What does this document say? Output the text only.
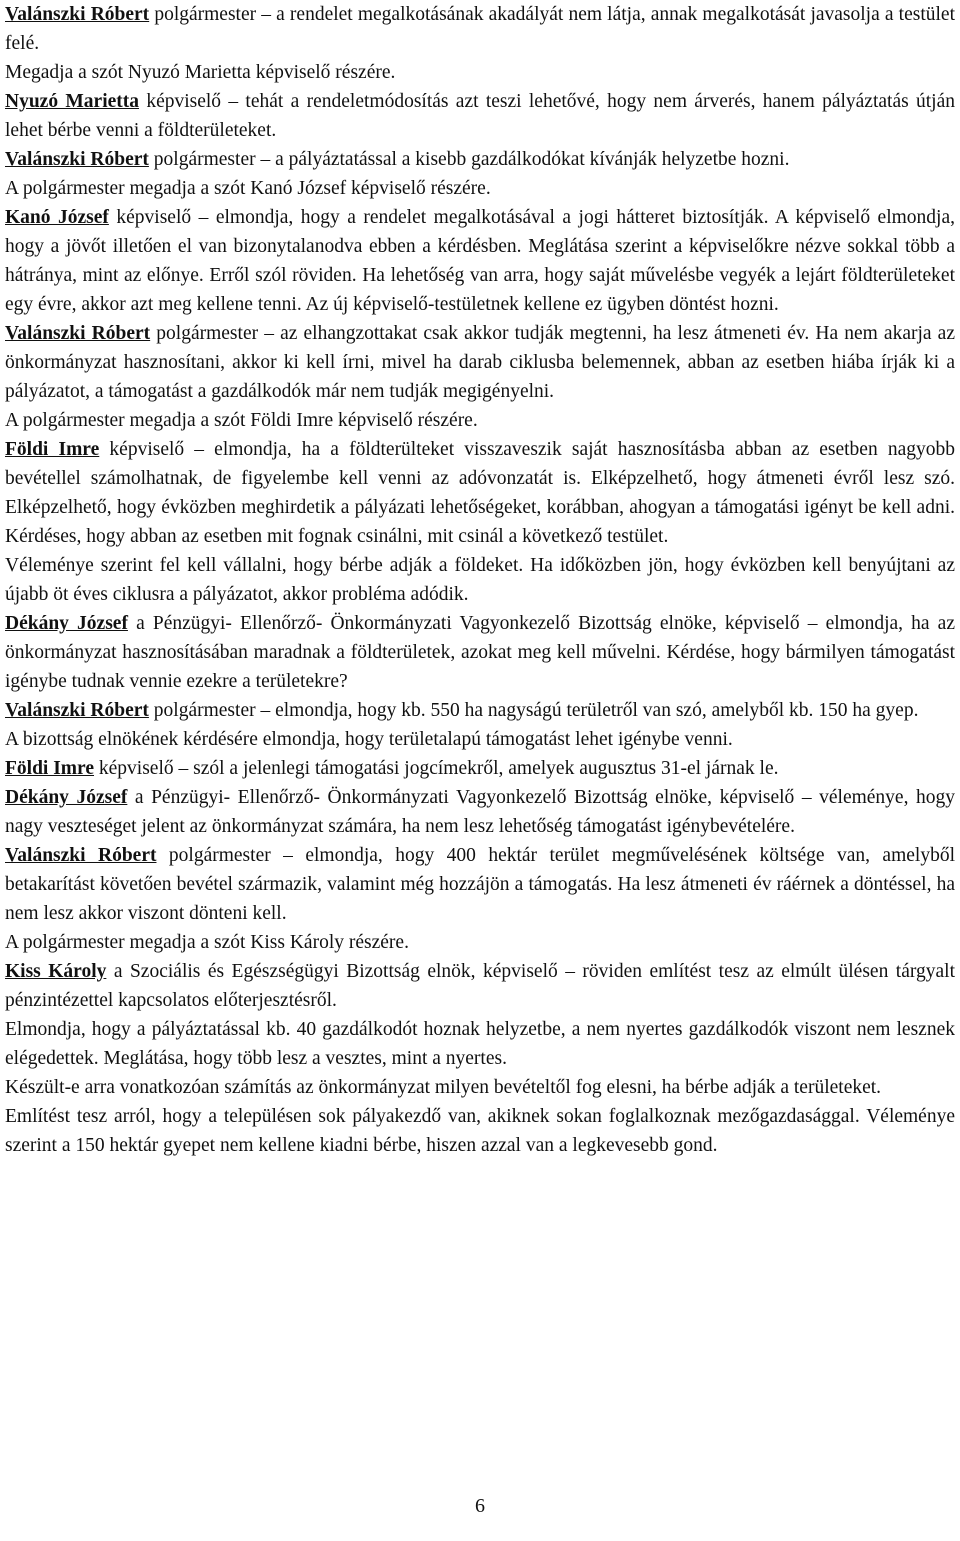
Valánszki Róbert polgármester – a rendelet megalkotásának akadályát nem látja, annak megalkotását javasolja a testület felé.

Megadja a szót Nyuzó Marietta képviselő részére.

Nyuzó Marietta képviselő – tehát a rendeletmódosítás azt teszi lehetővé, hogy nem árverés, hanem pályáztatás útján lehet bérbe venni a földterületeket.

Valánszki Róbert polgármester – a pályáztatással a kisebb gazdálkodókat kívánják helyzetbe hozni.

A polgármester megadja a szót Kanó József képviselő részére.

Kanó József képviselő – elmondja, hogy a rendelet megalkotásával a jogi hátteret biztosítják. A képviselő elmondja, hogy a jövőt illetően el van bizonytalanodva ebben a kérdésben. Meglátása szerint a képviselőkre nézve sokkal több a hátránya, mint az előnye. Erről szól röviden. Ha lehetőség van arra, hogy saját művelésbe vegyék a lejárt földterületeket egy évre, akkor azt meg kellene tenni. Az új képviselő-testületnek kellene ez ügyben döntést hozni.

Valánszki Róbert polgármester – az elhangzottakat csak akkor tudják megtenni, ha lesz átmeneti év. Ha nem akarja az önkormányzat hasznosítani, akkor ki kell írni, mivel ha darab ciklusba belemennek, abban az esetben hiába írják ki a pályázatot, a támogatást a gazdálkodók már nem tudják megigényelni.

A polgármester megadja a szót Földi Imre képviselő részére.

Földi Imre képviselő – elmondja, ha a földterülteket visszaveszik saját hasznosításba abban az esetben nagyobb bevétellel számolhatnak, de figyelembe kell venni az adóvonzatát is. Elképzelhető, hogy átmeneti évről lesz szó. Elképzelhető, hogy évközben meghirdetik a pályázati lehetőségeket, korábban, ahogyan a támogatási igényt be kell adni. Kérdéses, hogy abban az esetben mit fognak csinálni, mit csinál a következő testület.

Véleménye szerint fel kell vállalni, hogy bérbe adják a földeket. Ha időközben jön, hogy évközben kell benyújtani az újabb öt éves ciklusra a pályázatot, akkor probléma adódik.

Dékány József a Pénzügyi- Ellenőrző- Önkormányzati Vagyonkezelő Bizottság elnöke, képviselő – elmondja, ha az önkormányzat hasznosításában maradnak a földterületek, azokat meg kell művelni. Kérdése, hogy bármilyen támogatást igénybe tudnak vennie ezekre a területekre?

Valánszki Róbert polgármester – elmondja, hogy kb. 550 ha nagyságú területről van szó, amelyből kb. 150 ha gyep.

A bizottság elnökének kérdésére elmondja, hogy területalapú támogatást lehet igénybe venni.

Földi Imre képviselő – szól a jelenlegi támogatási jogcímekről, amelyek augusztus 31-el járnak le.

Dékány József a Pénzügyi- Ellenőrző- Önkormányzati Vagyonkezelő Bizottság elnöke, képviselő – véleménye, hogy nagy veszteséget jelent az önkormányzat számára, ha nem lesz lehetőség támogatást igénybevételére.

Valánszki Róbert polgármester – elmondja, hogy 400 hektár terület megművelésének költsége van, amelyből betakarítást követően bevétel származik, valamint még hozzájön a támogatás. Ha lesz átmeneti év ráérnek a döntéssel, ha nem lesz akkor viszont dönteni kell.

A polgármester megadja a szót Kiss Károly részére.

Kiss Károly a Szociális és Egészségügyi Bizottság elnök, képviselő – röviden említést tesz az elmúlt ülésen tárgyalt pénzintézettel kapcsolatos előterjesztésről.

Elmondja, hogy a pályáztatással kb. 40 gazdálkodót hoznak helyzetbe, a nem nyertes gazdálkodók viszont nem lesznek elégedettek. Meglátása, hogy több lesz a vesztes, mint a nyertes.

Készült-e arra vonatkozóan számítás az önkormányzat milyen bevételtől fog elesni, ha bérbe adják a területeket.

Említést tesz arról, hogy a településen sok pályakezdő van, akiknek sokan foglalkoznak mezőgazdasággal. Véleménye szerint a 150 hektár gyepet nem kellene kiadni bérbe, hiszen azzal van a legkevesebb gond.

6
